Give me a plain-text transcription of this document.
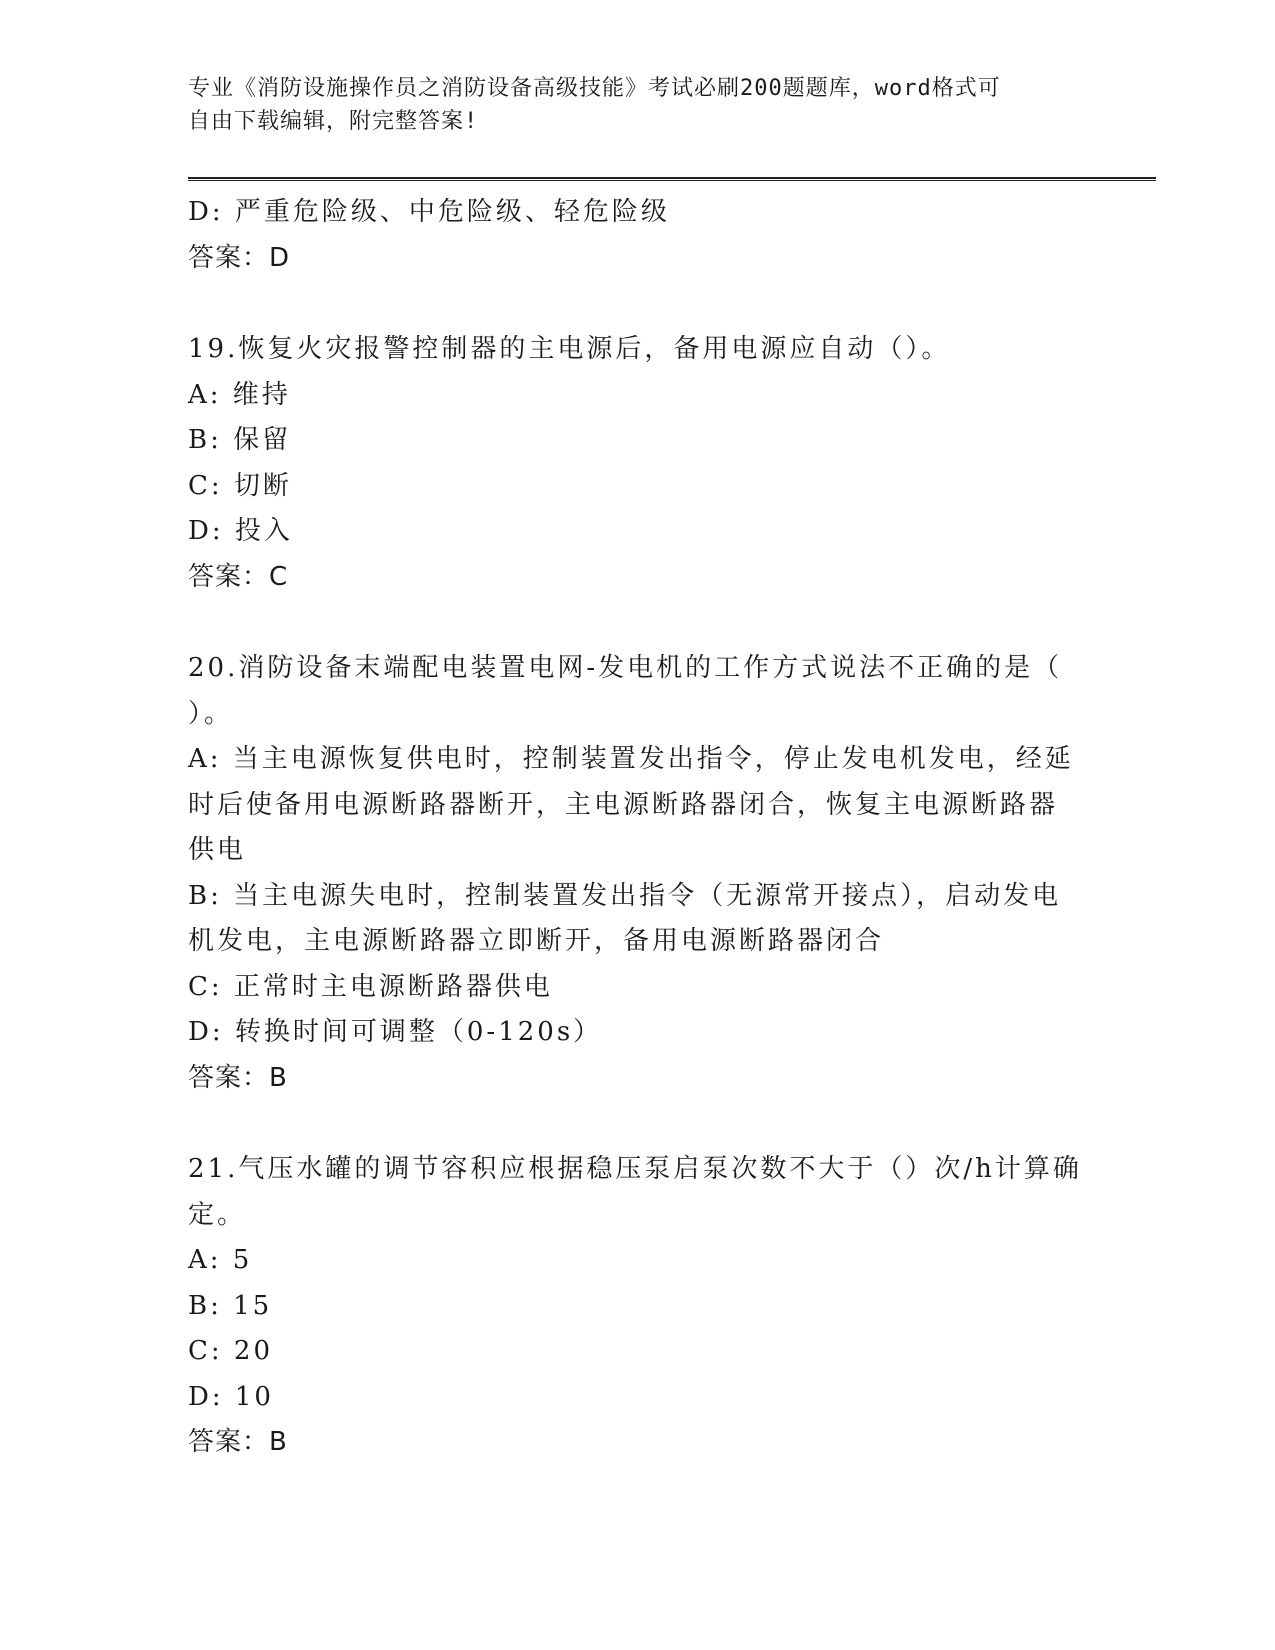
专业《消防设施操作员之消防设备高级技能》考试必刷200题题库，word格式可
自由下载编辑，附完整答案!
D: 严重危险级、中危险级、轻危险级
答案：D
19.恢复火灾报警控制器的主电源后，备用电源应自动（）。
A: 维持
B: 保留
C: 切断
D: 投入
答案：C
20.消防设备末端配电装置电网-发电机的工作方式说法不正确的是（
）。
A: 当主电源恢复供电时，控制装置发出指令，停止发电机发电，经延
时后使备用电源断路器断开，主电源断路器闭合，恢复主电源断路器
供电
B: 当主电源失电时，控制装置发出指令（无源常开接点），启动发电
机发电，主电源断路器立即断开，备用电源断路器闭合
C: 正常时主电源断路器供电
D: 转换时间可调整（0-120s）
答案：B
21.气压水罐的调节容积应根据稳压泵启泵次数不大于（）次/h计算确
定。
A: 5
B: 15
C: 20
D: 10
答案：B
